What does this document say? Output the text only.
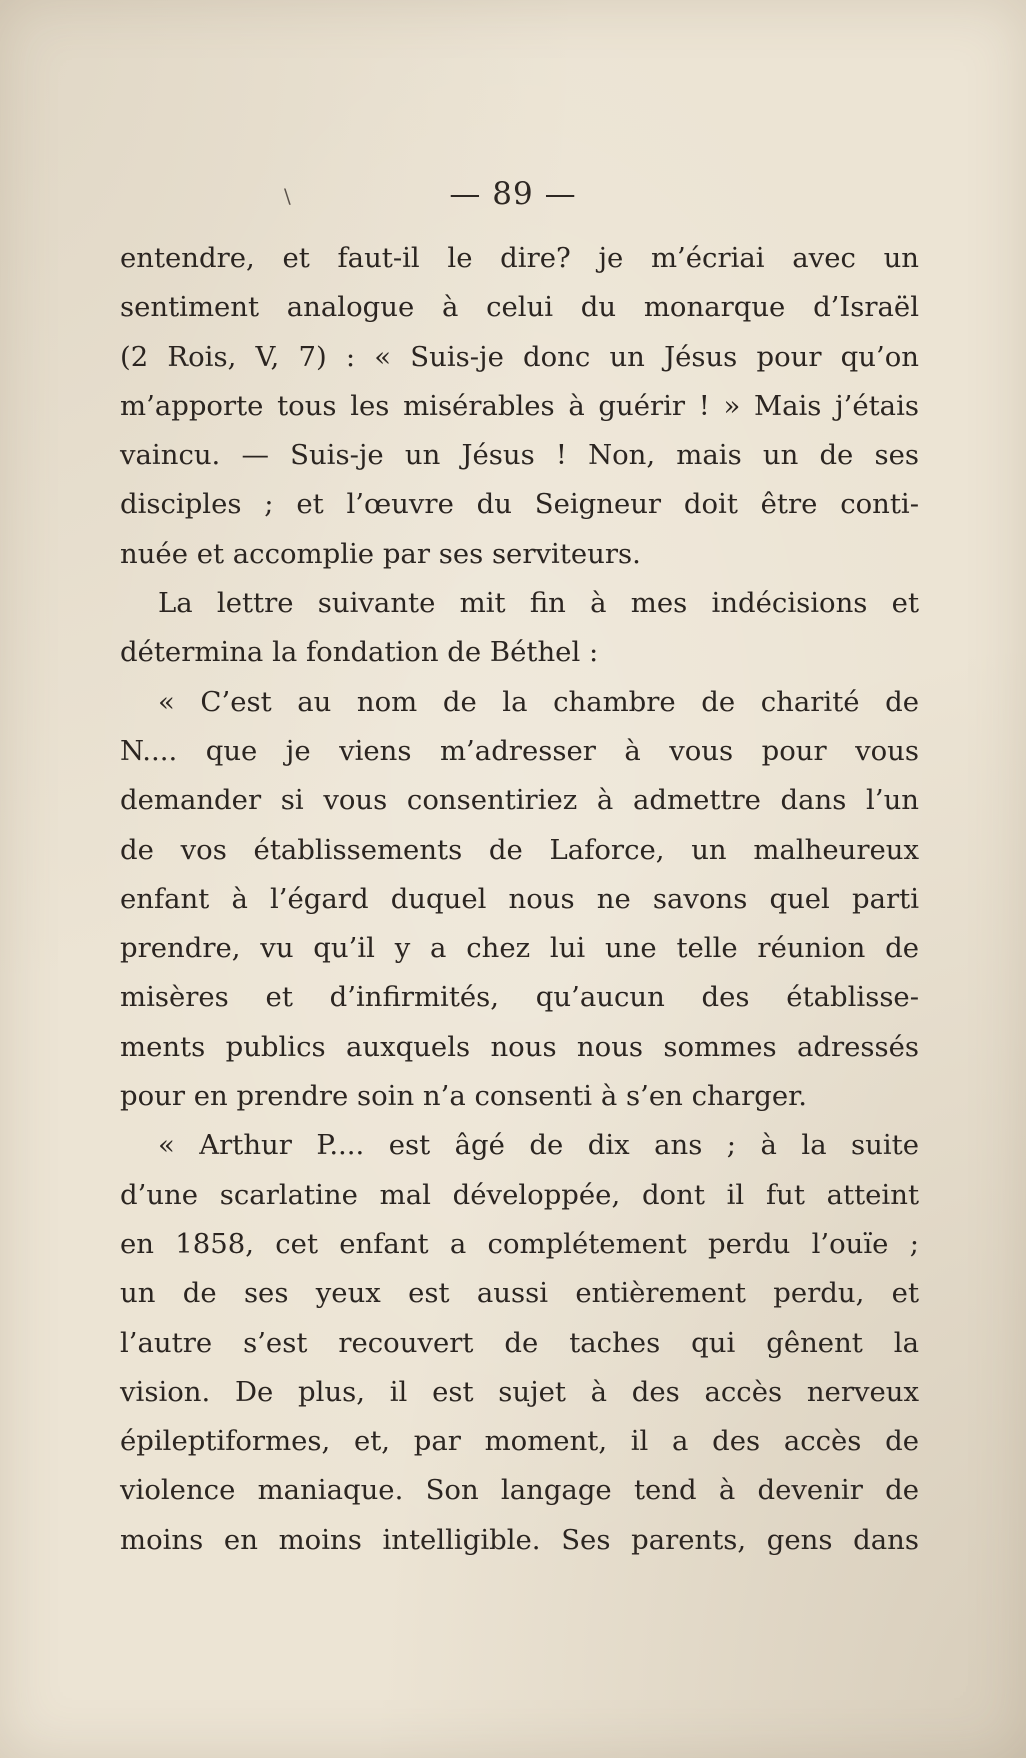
\	— 89 —
entendre, et faut-il le dire? je m’écriai avec un
sentiment analogue à celui du monarque d’Israël
(2 Rois, V, 7) : « Suis-je donc un Jésus pour qu’on
m’apporte tous les misérables à guérir ! » Mais j’étais
vaincu. — Suis-je un Jésus ! Non, mais un de ses
disciples ; et l’œuvre du Seigneur doit être conti-
nuée et accomplie par ses serviteurs.
La lettre suivante mit fin à mes indécisions et
détermina la fondation de Béthel :
« C’est au nom de la chambre de charité de
N.... que je viens m’adresser à vous pour vous
demander si vous consentiriez à admettre dans l’un
de vos établissements de Laforce, un malheureux
enfant à l’égard duquel nous ne savons quel parti
prendre, vu qu’il y a chez lui une telle réunion de
misères et d’infirmités, qu’aucun des établisse-
ments publics auxquels nous nous sommes adressés
pour en prendre soin n’a consenti à s’en charger.
« Arthur P.... est âgé de dix ans ; à la suite
d’une scarlatine mal développée, dont il fut atteint
en 1858, cet enfant a complétement perdu l’ouïe ;
un de ses yeux est aussi entièrement perdu, et
l’autre s’est recouvert de taches qui gênent la
vision. De plus, il est sujet à des accès nerveux
épileptiformes, et, par moment, il a des accès de
violence maniaque. Son langage tend à devenir de
moins en moins intelligible. Ses parents, gens dans
